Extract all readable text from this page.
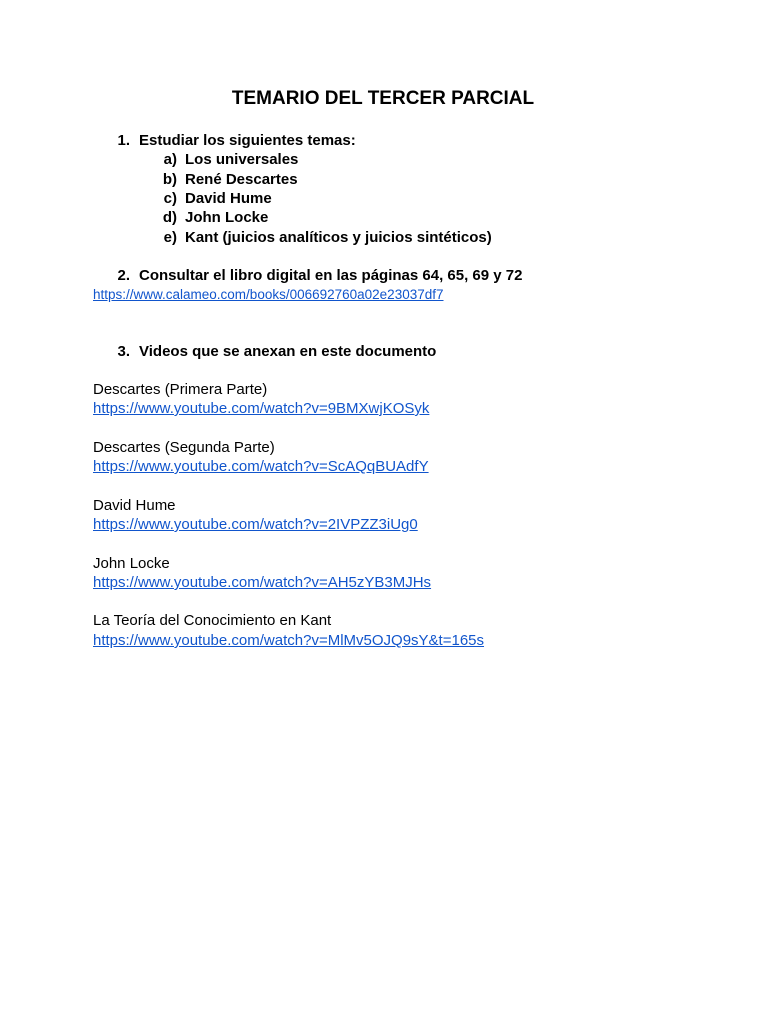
TEMARIO DEL TERCER PARCIAL
1. Estudiar los siguientes temas:
a) Los universales
b) René Descartes
c) David Hume
d) John Locke
e) Kant (juicios analíticos y juicios sintéticos)
2. Consultar el libro digital en las páginas 64, 65, 69 y 72
https://www.calameo.com/books/006692760a02e23037df7
3. Videos que se anexan en este documento
Descartes (Primera Parte)
https://www.youtube.com/watch?v=9BMXwjKOSyk
Descartes (Segunda Parte)
https://www.youtube.com/watch?v=ScAQqBUAdfY
David Hume
https://www.youtube.com/watch?v=2IVPZZ3iUg0
John Locke
https://www.youtube.com/watch?v=AH5zYB3MJHs
La Teoría del Conocimiento en Kant
https://www.youtube.com/watch?v=MlMv5OJQ9sY&t=165s
